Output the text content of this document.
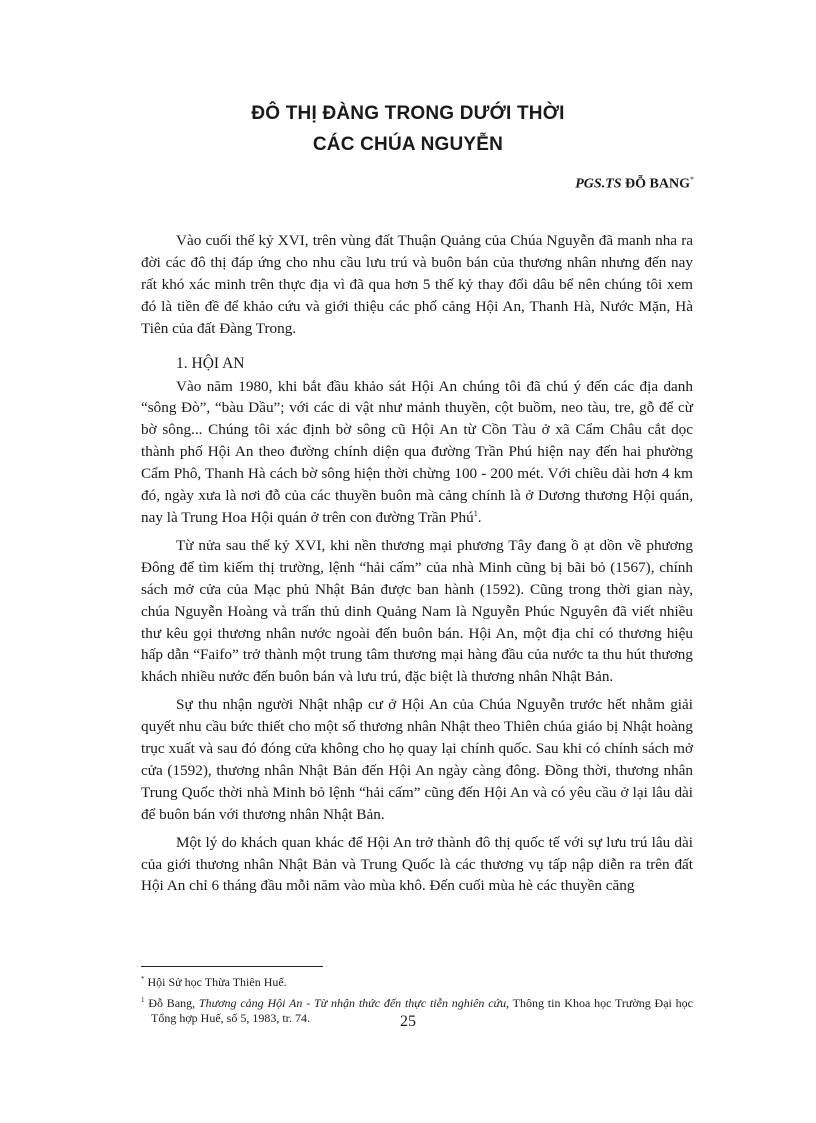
ĐÔ THỊ ĐÀNG TRONG DƯỚI THỜI
CÁC CHÚA NGUYỄN
PGS.TS ĐỖ BANG*

Vào cuối thế kỷ XVI, trên vùng đất Thuận Quảng của Chúa Nguyễn đã manh nha ra đời các đô thị đáp ứng cho nhu cầu lưu trú và buôn bán của thương nhân nhưng đến nay rất khó xác minh trên thực địa vì đã qua hơn 5 thế kỷ thay đổi dâu bể nên chúng tôi xem đó là tiền đề để khảo cứu và giới thiệu các phố cảng Hội An, Thanh Hà, Nước Mặn, Hà Tiên của đất Đàng Trong.

1. HỘI AN

Vào năm 1980, khi bắt đầu khảo sát Hội An chúng tôi đã chú ý đến các địa danh “sông Đò”, “bàu Dầu”; với các di vật như mảnh thuyền, cột buồm, neo tàu, tre, gỗ để cừ bờ sông... Chúng tôi xác định bờ sông cũ Hội An từ Cồn Tàu ở xã Cẩm Châu cắt dọc thành phố Hội An theo đường chính diện qua đường Trần Phú hiện nay đến hai phường Cẩm Phô, Thanh Hà cách bờ sông hiện thời chừng 100 - 200 mét. Với chiều dài hơn 4 km đó, ngày xưa là nơi đỗ của các thuyền buôn mà cảng chính là ở Dương thương Hội quán, nay là Trung Hoa Hội quán ở trên con đường Trần Phú$^1$.

Từ nửa sau thế kỷ XVI, khi nền thương mại phương Tây đang ồ ạt dồn về phương Đông để tìm kiếm thị trường, lệnh “hải cấm” của nhà Minh cũng bị bãi bỏ (1567), chính sách mở cửa của Mạc phủ Nhật Bản được ban hành (1592). Cũng trong thời gian này, chúa Nguyễn Hoàng và trấn thủ dinh Quảng Nam là Nguyễn Phúc Nguyên đã viết nhiều thư kêu gọi thương nhân nước ngoài đến buôn bán. Hội An, một địa chỉ có thương hiệu hấp dẫn “Faifo” trở thành một trung tâm thương mại hàng đầu của nước ta thu hút thương khách nhiều nước đến buôn bán và lưu trú, đặc biệt là thương nhân Nhật Bản.

Sự thu nhận người Nhật nhập cư ở Hội An của Chúa Nguyễn trước hết nhằm giải quyết nhu cầu bức thiết cho một số thương nhân Nhật theo Thiên chúa giáo bị Nhật hoàng trục xuất và sau đó đóng cửa không cho họ quay lại chính quốc. Sau khi có chính sách mở cửa (1592), thương nhân Nhật Bản đến Hội An ngày càng đông. Đồng thời, thương nhân Trung Quốc thời nhà Minh bỏ lệnh “hải cấm” cũng đến Hội An và có yêu cầu ở lại lâu dài để buôn bán với thương nhân Nhật Bản.

Một lý do khách quan khác để Hội An trở thành đô thị quốc tế với sự lưu trú lâu dài của giới thương nhân Nhật Bản và Trung Quốc là các thương vụ tấp nập diễn ra trên đất Hội An chỉ 6 tháng đầu mỗi năm vào mùa khô. Đến cuối mùa hè các thuyền căng

* Hội Sử học Thừa Thiên Huế.

$^1$ Đỗ Bang, Thương cảng Hội An - Từ nhận thức đến thực tiễn nghiên cứu, Thông tin Khoa học Trường Đại học Tổng hợp Huế, số 5, 1983, tr. 74.	25
